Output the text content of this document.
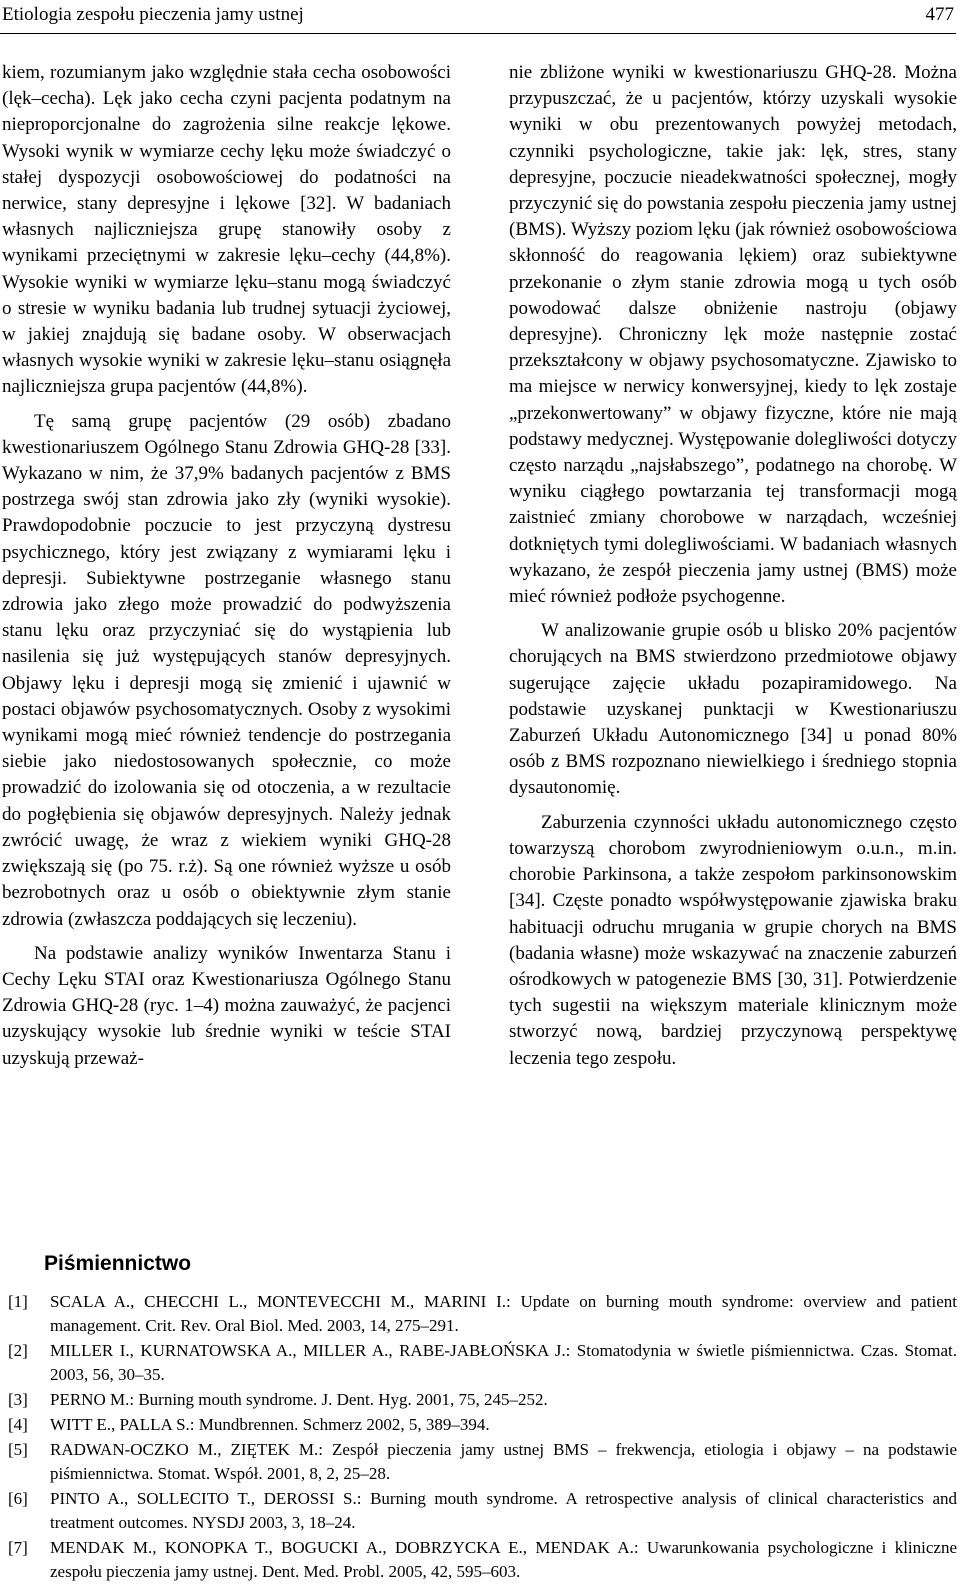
Etiologia zespołu pieczenia jamy ustnej	477

kiem, rozumianym jako względnie stała cecha osobowości (lęk–cecha). Lęk jako cecha czyni pacjenta podatnym na nieproporcjonalne do zagrożenia silne reakcje lękowe. Wysoki wynik w wymiarze cechy lęku może świadczyć o stałej dyspozycji osobowościowej do podatności na nerwice, stany depresyjne i lękowe [32]. W badaniach własnych najliczniejsza grupę stanowiły osoby z wynikami przeciętnymi w zakresie lęku–cechy (44,8%). Wysokie wyniki w wymiarze lęku–stanu mogą świadczyć o stresie w wyniku badania lub trudnej sytuacji życiowej, w jakiej znajdują się badane osoby. W obserwacjach własnych wysokie wyniki w zakresie lęku–stanu osiągnęła najliczniejsza grupa pacjentów (44,8%).

Tę samą grupę pacjentów (29 osób) zbadano kwestionariuszem Ogólnego Stanu Zdrowia GHQ-28 [33]. Wykazano w nim, że 37,9% badanych pacjentów z BMS postrzega swój stan zdrowia jako zły (wyniki wysokie). Prawdopodobnie poczucie to jest przyczyną dystresu psychicznego, który jest związany z wymiarami lęku i depresji. Subiektywne postrzeganie własnego stanu zdrowia jako złego może prowadzić do podwyższenia stanu lęku oraz przyczyniać się do wystąpienia lub nasilenia się już występujących stanów depresyjnych. Objawy lęku i depresji mogą się zmienić i ujawnić w postaci objawów psychosomatycznych. Osoby z wysokimi wynikami mogą mieć również tendencje do postrzegania siebie jako niedostosowanych społecznie, co może prowadzić do izolowania się od otoczenia, a w rezultacie do pogłębienia się objawów depresyjnych. Należy jednak zwrócić uwagę, że wraz z wiekiem wyniki GHQ-28 zwiększają się (po 75. r.ż). Są one również wyższe u osób bezrobotnych oraz u osób o obiektywnie złym stanie zdrowia (zwłaszcza poddających się leczeniu).

Na podstawie analizy wyników Inwentarza Stanu i Cechy Lęku STAI oraz Kwestionariusza Ogólnego Stanu Zdrowia GHQ-28 (ryc. 1–4) można zauważyć, że pacjenci uzyskujący wysokie lub średnie wyniki w teście STAI uzyskują przeważ-

nie zbliżone wyniki w kwestionariuszu GHQ-28. Można przypuszczać, że u pacjentów, którzy uzyskali wysokie wyniki w obu prezentowanych powyżej metodach, czynniki psychologiczne, takie jak: lęk, stres, stany depresyjne, poczucie nieadekwatności społecznej, mogły przyczynić się do powstania zespołu pieczenia jamy ustnej (BMS). Wyższy poziom lęku (jak również osobowościowa skłonność do reagowania lękiem) oraz subiektywne przekonanie o złym stanie zdrowia mogą u tych osób powodować dalsze obniżenie nastroju (objawy depresyjne). Chroniczny lęk może następnie zostać przekształcony w objawy psychosomatyczne. Zjawisko to ma miejsce w nerwicy konwersyjnej, kiedy to lęk zostaje „przekonwertowany” w objawy fizyczne, które nie mają podstawy medycznej. Występowanie dolegliwości dotyczy często narządu „najsłabszego”, podatnego na chorobę. W wyniku ciągłego powtarzania tej transformacji mogą zaistnieć zmiany chorobowe w narządach, wcześniej dotkniętych tymi dolegliwościami. W badaniach własnych wykazano, że zespół pieczenia jamy ustnej (BMS) może mieć również podłoże psychogenne.

W analizowanie grupie osób u blisko 20% pacjentów chorujących na BMS stwierdzono przedmiotowe objawy sugerujące zajęcie układu pozapiramidowego. Na podstawie uzyskanej punktacji w Kwestionariuszu Zaburzeń Układu Autonomicznego [34] u ponad 80% osób z BMS rozpoznano niewielkiego i średniego stopnia dysautonomię.

Zaburzenia czynności układu autonomicznego często towarzyszą chorobom zwyrodnieniowym o.u.n., m.in. chorobie Parkinsona, a także zespołom parkinsonowskim [34]. Częste ponadto współwystępowanie zjawiska braku habituacji odruchu mrugania w grupie chorych na BMS (badania własne) może wskazywać na znaczenie zaburzeń ośrodkowych w patogenezie BMS [30, 31]. Potwierdzenie tych sugestii na większym materiale klinicznym może stworzyć nową, bardziej przyczynową perspektywę leczenia tego zespołu.

Piśmiennictwo
[1]	SCALA A., CHECCHI L., MONTEVECCHI M., MARINI I.: Update on burning mouth syndrome: overview and patient management. Crit. Rev. Oral Biol. Med. 2003, 14, 275–291.
[2]	MILLER I., KURNATOWSKA A., MILLER A., RABE-JABŁOŃSKA J.: Stomatodynia w świetle piśmiennictwa. Czas. Stomat. 2003, 56, 30–35.
[3]	PERNO M.: Burning mouth syndrome. J. Dent. Hyg. 2001, 75, 245–252.
[4]	WITT E., PALLA S.: Mundbrennen. Schmerz 2002, 5, 389–394.
[5]	RADWAN-OCZKO M., ZIĘTEK M.: Zespół pieczenia jamy ustnej BMS – frekwencja, etiologia i objawy – na podstawie piśmiennictwa. Stomat. Współ. 2001, 8, 2, 25–28.
[6]	PINTO A., SOLLECITO T., DEROSSI S.: Burning mouth syndrome. A retrospective analysis of clinical characteristics and treatment outcomes. NYSDJ 2003, 3, 18–24.
[7]	MENDAK M., KONOPKA T., BOGUCKI A., DOBRZYCKA E., MENDAK A.: Uwarunkowania psychologiczne i kliniczne zespołu pieczenia jamy ustnej. Dent. Med. Probl. 2005, 42, 595–603.
